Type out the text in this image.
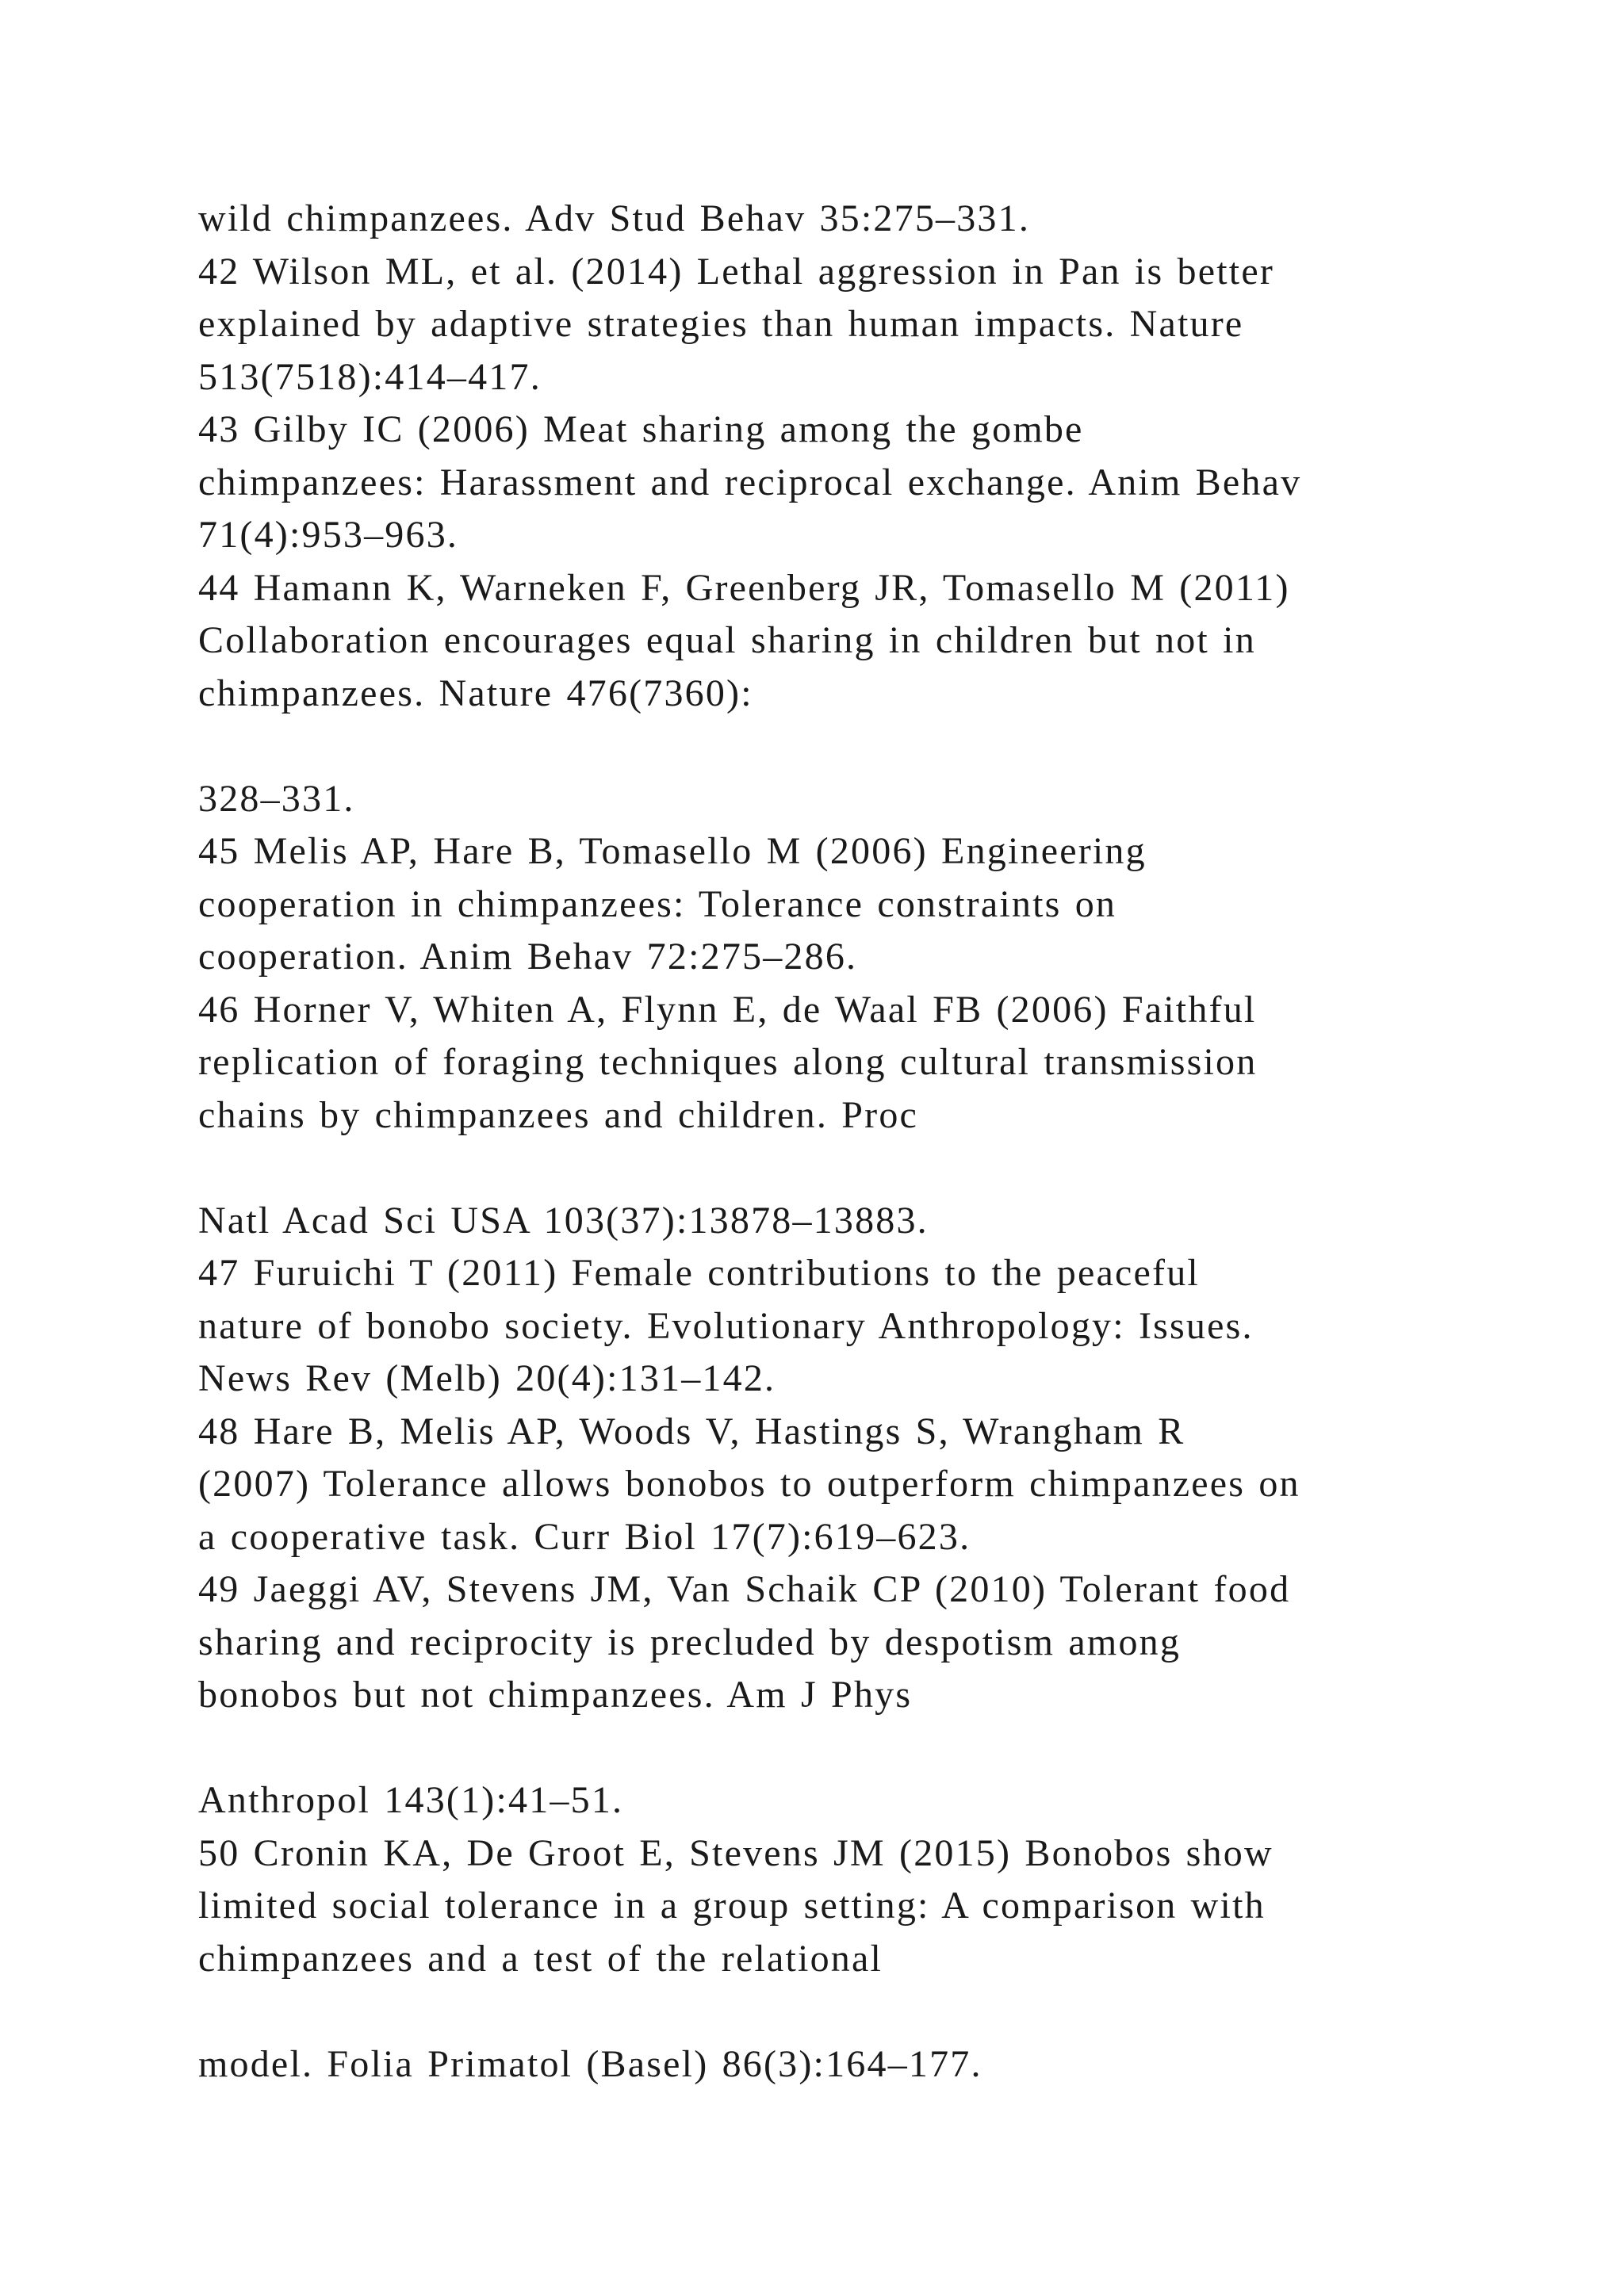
wild chimpanzees. Adv Stud Behav 35:275–331.
42 Wilson ML, et al. (2014) Lethal aggression in Pan is better
explained by adaptive strategies than human impacts. Nature
513(7518):414–417.
43 Gilby IC (2006) Meat sharing among the gombe
chimpanzees: Harassment and reciprocal exchange. Anim Behav
71(4):953–963.
44 Hamann K, Warneken F, Greenberg JR, Tomasello M (2011)
Collaboration encourages equal sharing in children but not in
chimpanzees. Nature 476(7360):
328–331.
45 Melis AP, Hare B, Tomasello M (2006) Engineering
cooperation in chimpanzees: Tolerance constraints on
cooperation. Anim Behav 72:275–286.
46 Horner V, Whiten A, Flynn E, de Waal FB (2006) Faithful
replication of foraging techniques along cultural transmission
chains by chimpanzees and children. Proc
Natl Acad Sci USA 103(37):13878–13883.
47 Furuichi T (2011) Female contributions to the peaceful
nature of bonobo society. Evolutionary Anthropology: Issues.
News Rev (Melb) 20(4):131–142.
48 Hare B, Melis AP, Woods V, Hastings S, Wrangham R
(2007) Tolerance allows bonobos to outperform chimpanzees on
a cooperative task. Curr Biol 17(7):619–623.
49 Jaeggi AV, Stevens JM, Van Schaik CP (2010) Tolerant food
sharing and reciprocity is precluded by despotism among
bonobos but not chimpanzees. Am J Phys
Anthropol 143(1):41–51.
50 Cronin KA, De Groot E, Stevens JM (2015) Bonobos show
limited social tolerance in a group setting: A comparison with
chimpanzees and a test of the relational
model. Folia Primatol (Basel) 86(3):164–177.
